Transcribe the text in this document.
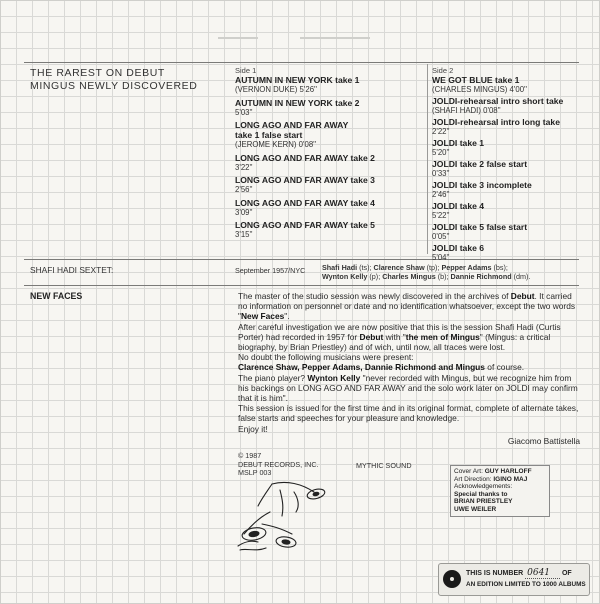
THE RAREST ON DEBUT
MINGUS NEWLY DISCOVERED
Side 1
AUTUMN IN NEW YORK take 1
(VERNON DUKE) 5'26''
AUTUMN IN NEW YORK take 2
5'03''
LONG AGO AND FAR AWAY
take 1 false start
(JEROME KERN) 0'08''
LONG AGO AND FAR AWAY take 2
3'22''
LONG AGO AND FAR AWAY take 3
2'56''
LONG AGO AND FAR AWAY take 4
3'09''
LONG AGO AND FAR AWAY take 5
3'15''
Side 2
WE GOT BLUE take 1
(CHARLES MINGUS) 4'00''
JOLDI-rehearsal intro short take
(SHAFI HADI) 0'08''
JOLDI-rehearsal intro long take
2'22''
JOLDI take 1
5'20''
JOLDI take 2 false start
0'33''
JOLDI take 3 incomplete
2'46''
JOLDI take 4
5'22''
JOLDI take 5 false start
0'05''
JOLDI take 6
5'04''
SHAFI HADI SEXTET:	September 1957/NYC Shafi Hadi (ts); Clarence Shaw (tp); Pepper Adams (bs);
Wynton Kelly (p); Charles Mingus (b); Dannie Richmond (dm).
NEW FACES	The master of the studio session was newly discovered in the archives of Debut. It carried no information on personnel or date and no identification whatsoever, except the two words "New Faces".
After careful investigation we are now positive that this is the session Shafi Hadi (Curtis Porter) had recorded in 1957 for Debut with "the men of Mingus" (Mingus: a critical biography, by Brian Priestley) and of wich, until now, all traces were lost.
No doubt the following musicians were present:
Clarence Shaw, Pepper Adams, Dannie Richmond and Mingus of course.
The piano player? Wynton Kelly "never recorded with Mingus, but we recognize him from his backings on LONG AGO AND FAR AWAY and the solo work later on JOLDI may confirm that it is him".
This session is issued for the first time and in its original format, complete of alternate takes, false starts and speeches for your pleasure and knowledge.
Enjoy it!
Giacomo Battistella
© 1987
DEBUT RECORDS, INC.
MSLP 003
MYTHIC SOUND
Cover Art: GUY HARLOFF
Art Direction: IGINO MAJ
Acknowledgements:
Special thanks to
BRIAN PRIESTLEY
UWE WEILER
THIS IS NUMBER 0641 OF
AN EDITION LIMITED TO 1000 ALBUMS
